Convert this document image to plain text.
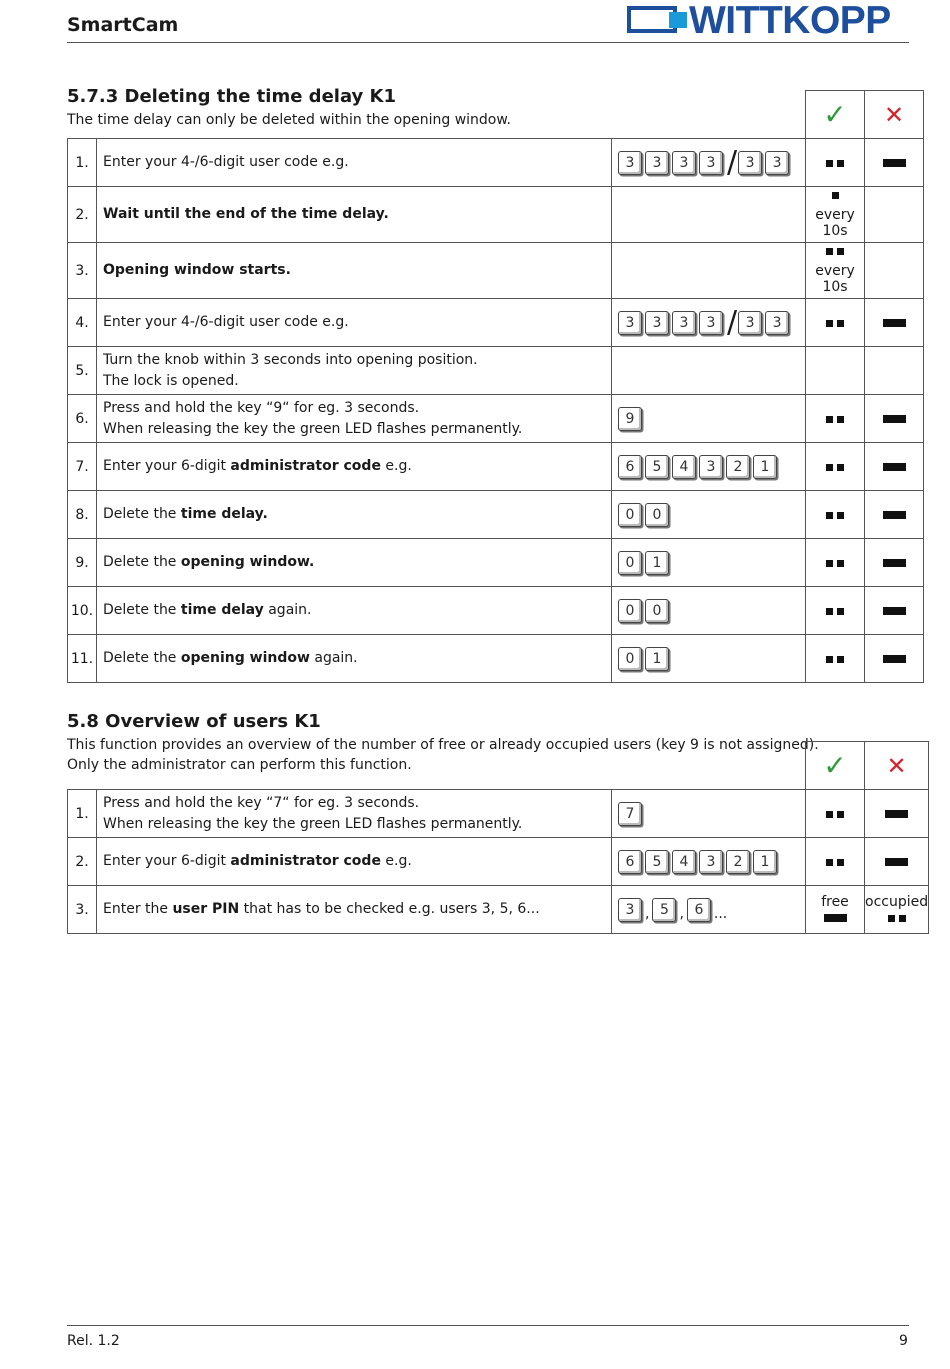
SmartCam	WITTKOPP
5.7.3 Deleting the time delay K1
The time delay can only be deleted within the opening window.
			✓	✕
1.	Enter your 4-/6-digit user code e.g.	3 3 3 3 / 3 3		
2.	Wait until the end of the time delay.		every 10s	

3.	Opening window starts.		every 10s	

4.	Enter your 4-/6-digit user code e.g.	3 3 3 3 / 3 3		
5.	Turn the knob within 3 seconds into opening position.
The lock is opened.			

6.	Press and hold the key “9“ for eg. 3 seconds.
When releasing the key the green LED flashes permanently.	9		
7.	Enter your 6-digit administrator code e.g.	6 5 4 3 2 1		
8.	Delete the time delay.	0 0		
9.	Delete the opening window.	0 1		
10.	Delete the time delay again.	0 0		
11.	Delete the opening window again.	0 1		
5.8 Overview of users K1
This function provides an overview of the number of free or already occupied users (key 9 is not assigned).
Only the administrator can perform this function.
			✓	✕
1.	Press and hold the key “7“ for eg. 3 seconds.
When releasing the key the green LED flashes permanently.	7		
2.	Enter your 6-digit administrator code e.g.	6 5 4 3 2 1		
3.	Enter the user PIN that has to be checked e.g. users 3, 5, 6...	3 , 5 , 6 ...	free	occupied
Rel. 1.2	9
